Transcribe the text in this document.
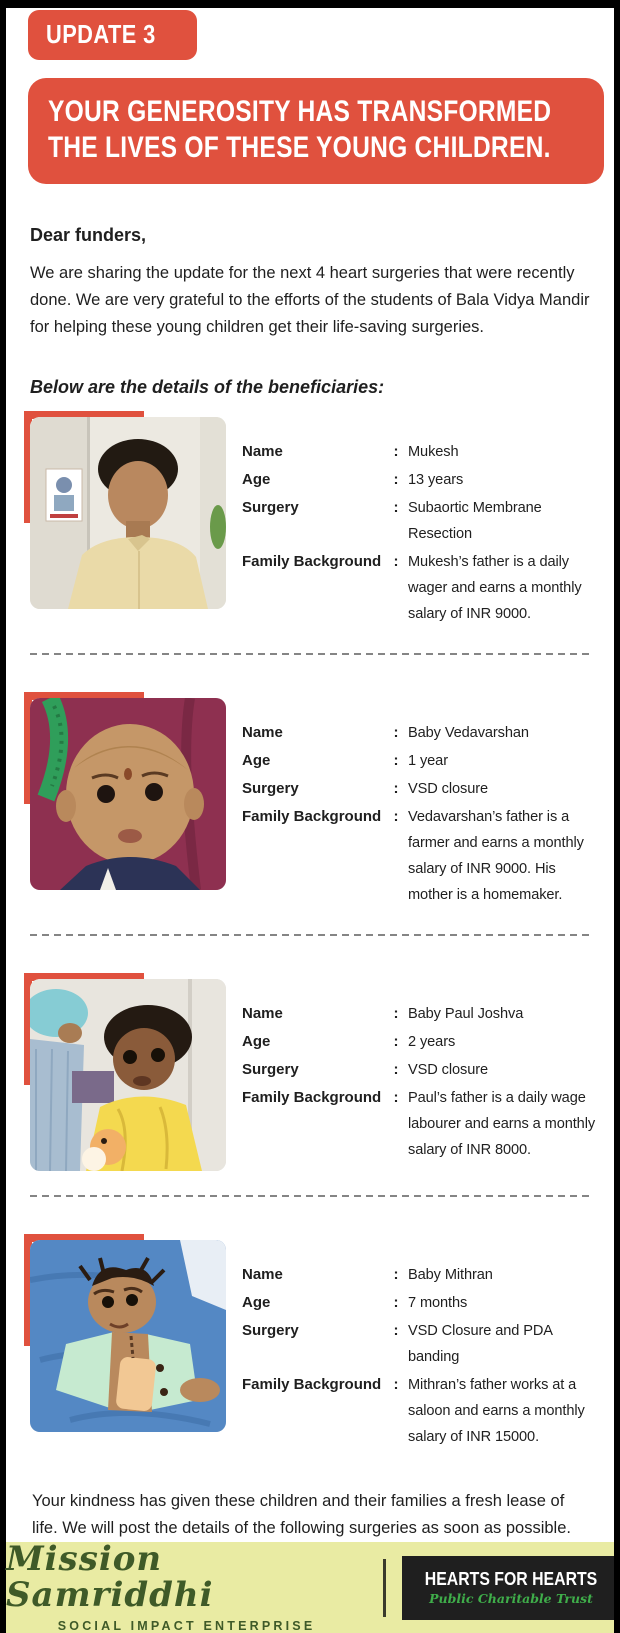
UPDATE 3
YOUR GENEROSITY HAS TRANSFORMED THE LIVES OF THESE YOUNG CHILDREN.
Dear funders,

We are sharing the update for the next 4 heart surgeries that were recently done. We are very grateful to the efforts of the students of Bala Vidya Mandir for helping these young children get their life-saving surgeries.

Below are the details of the beneficiaries:
Name	: Mukesh
Age	: 13 years
Surgery	: Subaortic Membrane Resection
Family Background : Mukesh’s father is a daily wager and earns a monthly salary of INR 9000.
Name	: Baby Vedavarshan
Age	: 1 year
Surgery	: VSD closure
Family Background : Vedavarshan’s father is a farmer and earns a monthly salary of INR 9000. His mother is a homemaker.
Name	: Baby Paul Joshva
Age	: 2 years
Surgery	: VSD closure
Family Background : Paul’s father is a daily wage labourer and earns a monthly salary of INR 8000.
Name	: Baby Mithran
Age	: 7 months
Surgery	: VSD Closure and PDA banding
Family Background : Mithran’s father works at a saloon and earns a monthly salary of INR 15000.

Your kindness has given these children and their families a fresh lease of life. We will post the details of the following surgeries as soon as possible.

Mission Samriddhi
SOCIAL IMPACT ENTERPRISE
HEARTS FOR HEARTS
Public Charitable Trust
